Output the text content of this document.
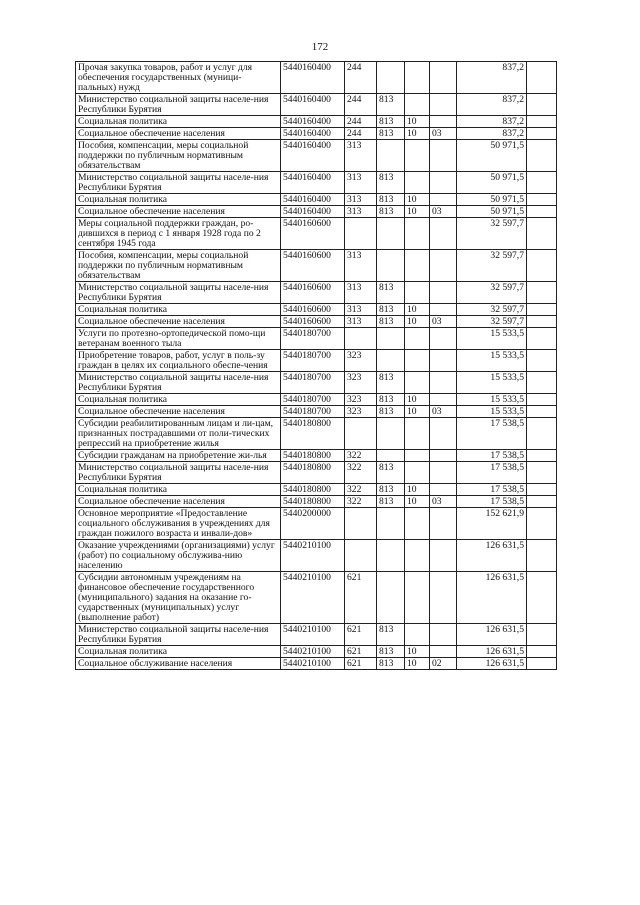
172
Прочая закупка товаров, работ и услуг для обеспечения государственных (муници-пальных) нужд	5440160400	244				837,2	
Министерство социальной защиты населе-ния Республики Бурятия	5440160400	244	813			837,2	
Социальная политика	5440160400	244	813	10		837,2	
Социальное обеспечение населения	5440160400	244	813	10	03	837,2	
Пособия, компенсации, меры социальной поддержки по публичным нормативным обязательствам	5440160400	313				50 971,5	
Министерство социальной защиты населе-ния Республики Бурятия	5440160400	313	813			50 971,5	
Социальная политика	5440160400	313	813	10		50 971,5	
Социальное обеспечение населения	5440160400	313	813	10	03	50 971,5	
Меры социальной поддержки граждан, ро-дившихся в период с 1 января 1928 года по 2 сентября 1945 года	5440160600					32 597,7	
Пособия, компенсации, меры социальной поддержки по публичным нормативным обязательствам	5440160600	313				32 597,7	
Министерство социальной защиты населе-ния Республики Бурятия	5440160600	313	813			32 597,7	
Социальная политика	5440160600	313	813	10		32 597,7	
Социальное обеспечение населения	5440160600	313	813	10	03	32 597,7	
Услуги по протезно-ортопедической помо-щи ветеранам военного тыла	5440180700					15 533,5	
Приобретение товаров, работ, услуг в поль-зу граждан в целях их социального обеспе-чения	5440180700	323				15 533,5	
Министерство социальной защиты населе-ния Республики Бурятия	5440180700	323	813			15 533,5	
Социальная политика	5440180700	323	813	10		15 533,5	
Социальное обеспечение населения	5440180700	323	813	10	03	15 533,5	
Субсидии реабилитированным лицам и ли-цам, признанных пострадавшими от поли-тических репрессий на приобретение жилья	5440180800					17 538,5	
Субсидии гражданам на приобретение жи-лья	5440180800	322				17 538,5	
Министерство социальной защиты населе-ния Республики Бурятия	5440180800	322	813			17 538,5	
Социальная политика	5440180800	322	813	10		17 538,5	
Социальное обеспечение населения	5440180800	322	813	10	03	17 538,5	
Основное мероприятие «Предоставление социального обслуживания в учреждениях для граждан пожилого возраста и инвали-дов»	5440200000					152 621,9	
Оказание учреждениями (организациями) услуг (работ) по социальному обслужива-нию населению	5440210100					126 631,5	
Субсидии автономным учреждениям на финансовое обеспечение государственного (муниципального) задания на оказание го-сударственных (муниципальных) услуг (выполнение работ)	5440210100	621				126 631,5	
Министерство социальной защиты населе-ния Республики Бурятия	5440210100	621	813			126 631,5	
Социальная политика	5440210100	621	813	10		126 631,5	
Социальное обслуживание населения	5440210100	621	813	10	02	126 631,5	
